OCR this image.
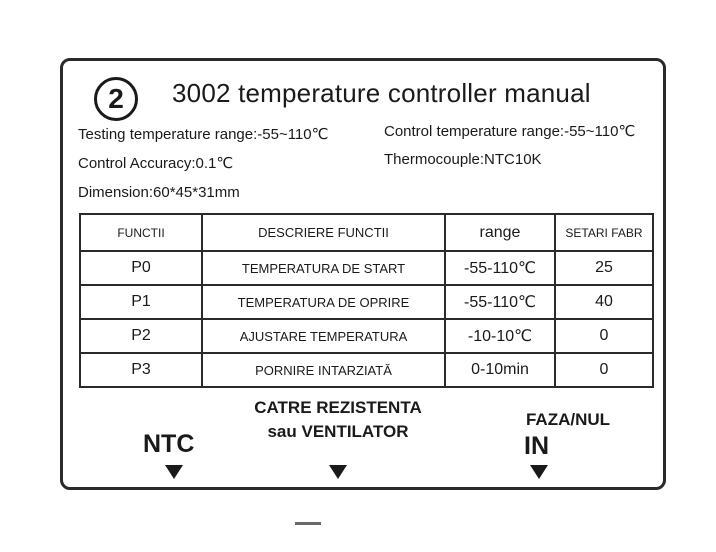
2	3002 temperature controller manual
Testing temperature range:-55~110℃	Control temperature range:-55~110℃
Control Accuracy:0.1℃	Thermocouple:NTC10K
Dimension:60*45*31mm
FUNCTII	DESCRIERE FUNCTII	range	SETARI FABR
P0	TEMPERATURA DE START	-55-110℃	25
P1	TEMPERATURA DE OPRIRE	-55-110℃	40
P2	AJUSTARE TEMPERATURA	-10-10℃	0
P3	PORNIRE INTARZIATĂ	0-10min	0
NTC
CATRE REZISTENTA
sau VENTILATOR
FAZA/NUL
IN
